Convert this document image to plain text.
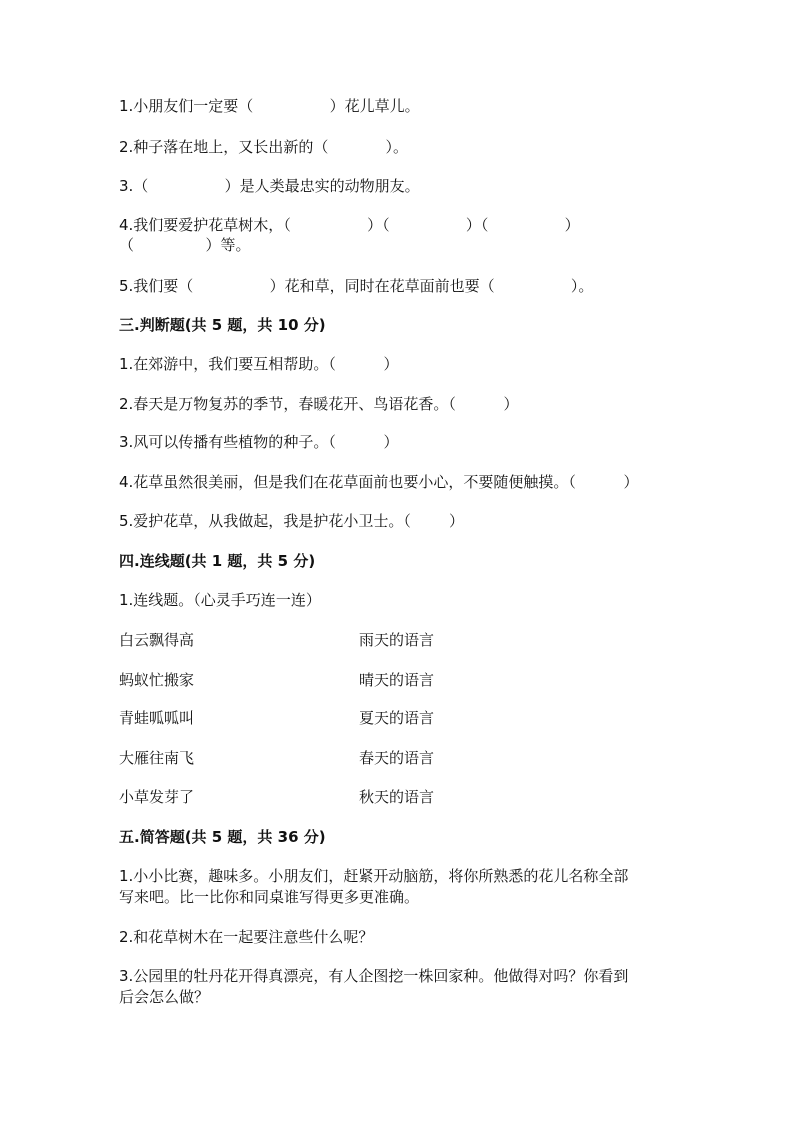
1.小朋友们一定要（                ）花儿草儿。
2.种子落在地上，又长出新的（            ）。
3.（                ）是人类最忠实的动物朋友。
4.我们要爱护花草树木，（                ）（                ）（                ）
（               ）等。
5.我们要（                ）花和草，同时在花草面前也要（                ）。
三.判断题(共 5 题，共 10 分)
1.在郊游中，我们要互相帮助。（          ）
2.春天是万物复苏的季节，春暖花开、鸟语花香。（          ）
3.风可以传播有些植物的种子。（          ）
4.花草虽然很美丽，但是我们在花草面前也要小心，不要随便触摸。（          ）
5.爱护花草，从我做起，我是护花小卫士。（        ）
四.连线题(共 1 题，共 5 分)
1.连线题。（心灵手巧连一连）
白云飘得高	雨天的语言
蚂蚁忙搬家	晴天的语言
青蛙呱呱叫	夏天的语言
大雁往南飞	春天的语言
小草发芽了	秋天的语言
五.简答题(共 5 题，共 36 分)
1.小小比赛，趣味多。小朋友们，赶紧开动脑筋，将你所熟悉的花儿名称全部
写来吧。比一比你和同桌谁写得更多更准确。
2.和花草树木在一起要注意些什么呢？
3.公园里的牡丹花开得真漂亮，有人企图挖一株回家种。他做得对吗？你看到
后会怎么做？
